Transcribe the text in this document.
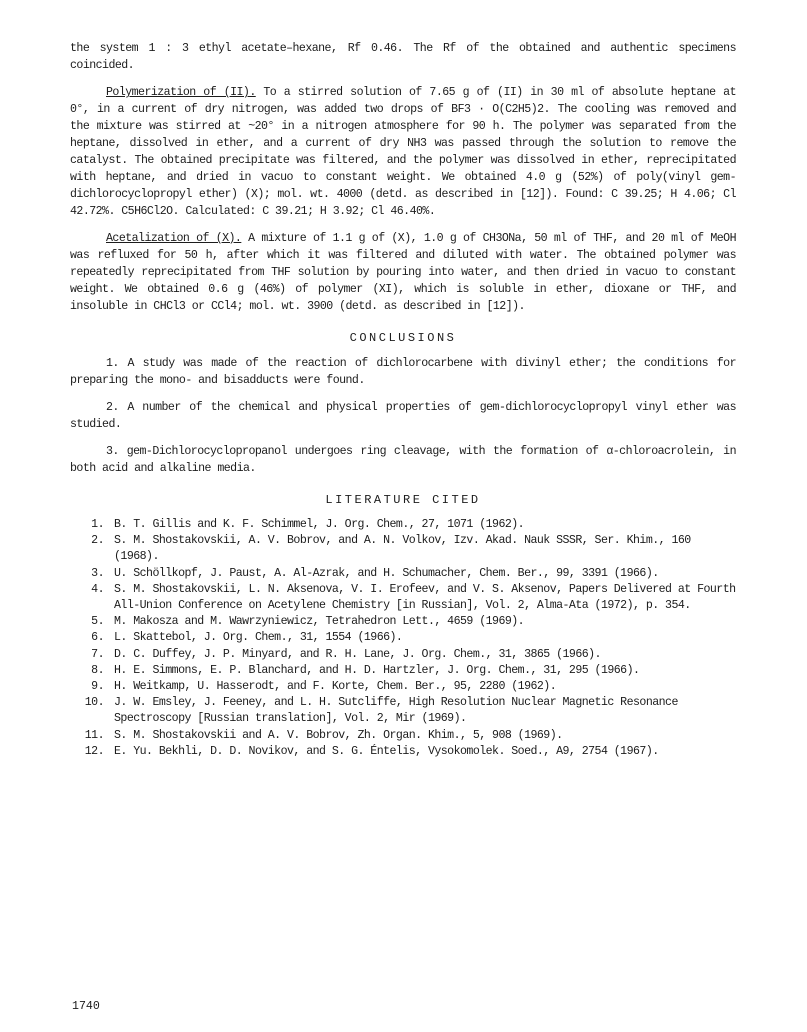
the system 1 : 3 ethyl acetate–hexane, Rf 0.46. The Rf of the obtained and authentic specimens coincided.

Polymerization of (II). To a stirred solution of 7.65 g of (II) in 30 ml of absolute heptane at 0°, in a current of dry nitrogen, was added two drops of BF3 · O(C2H5)2. The cooling was removed and the mixture was stirred at ~20° in a nitrogen atmosphere for 90 h. The polymer was separated from the heptane, dissolved in ether, and a current of dry NH3 was passed through the solution to remove the catalyst. The obtained precipitate was filtered, and the polymer was dissolved in ether, reprecipitated with heptane, and dried in vacuo to constant weight. We obtained 4.0 g (52%) of poly(vinyl gem-dichlorocyclopropyl ether) (X); mol. wt. 4000 (detd. as described in [12]). Found: C 39.25; H 4.06; Cl 42.72%. C5H6Cl2O. Calculated: C 39.21; H 3.92; Cl 46.40%.

Acetalization of (X). A mixture of 1.1 g of (X), 1.0 g of CH3ONa, 50 ml of THF, and 20 ml of MeOH was refluxed for 50 h, after which it was filtered and diluted with water. The obtained polymer was repeatedly reprecipitated from THF solution by pouring into water, and then dried in vacuo to constant weight. We obtained 0.6 g (46%) of polymer (XI), which is soluble in ether, dioxane or THF, and insoluble in CHCl3 or CCl4; mol. wt. 3900 (detd. as described in [12]).

CONCLUSIONS

1. A study was made of the reaction of dichlorocarbene with divinyl ether; the conditions for preparing the mono- and bisadducts were found.

2. A number of the chemical and physical properties of gem-dichlorocyclopropyl vinyl ether was studied.

3. gem-Dichlorocyclopropanol undergoes ring cleavage, with the formation of α-chloroacrolein, in both acid and alkaline media.

LITERATURE CITED
1. B. T. Gillis and K. F. Schimmel, J. Org. Chem., 27, 1071 (1962).
2. S. M. Shostakovskii, A. V. Bobrov, and A. N. Volkov, Izv. Akad. Nauk SSSR, Ser. Khim., 160 (1968).
3. U. Schöllkopf, J. Paust, A. Al-Azrak, and H. Schumacher, Chem. Ber., 99, 3391 (1966).
4. S. M. Shostakovskii, L. N. Aksenova, V. I. Erofeev, and V. S. Aksenov, Papers Delivered at Fourth All-Union Conference on Acetylene Chemistry [in Russian], Vol. 2, Alma-Ata (1972), p. 354.
5. M. Makosza and M. Wawrzyniewicz, Tetrahedron Lett., 4659 (1969).
6. L. Skattebol, J. Org. Chem., 31, 1554 (1966).
7. D. C. Duffey, J. P. Minyard, and R. H. Lane, J. Org. Chem., 31, 3865 (1966).
8. H. E. Simmons, E. P. Blanchard, and H. D. Hartzler, J. Org. Chem., 31, 295 (1966).
9. H. Weitkamp, U. Hasserodt, and F. Korte, Chem. Ber., 95, 2280 (1962).
10. J. W. Emsley, J. Feeney, and L. H. Sutcliffe, High Resolution Nuclear Magnetic Resonance Spectroscopy [Russian translation], Vol. 2, Mir (1969).
11. S. M. Shostakovskii and A. V. Bobrov, Zh. Organ. Khim., 5, 908 (1969).
12. E. Yu. Bekhli, D. D. Novikov, and S. G. Éntelis, Vysokomolek. Soed., A9, 2754 (1967).
1740
